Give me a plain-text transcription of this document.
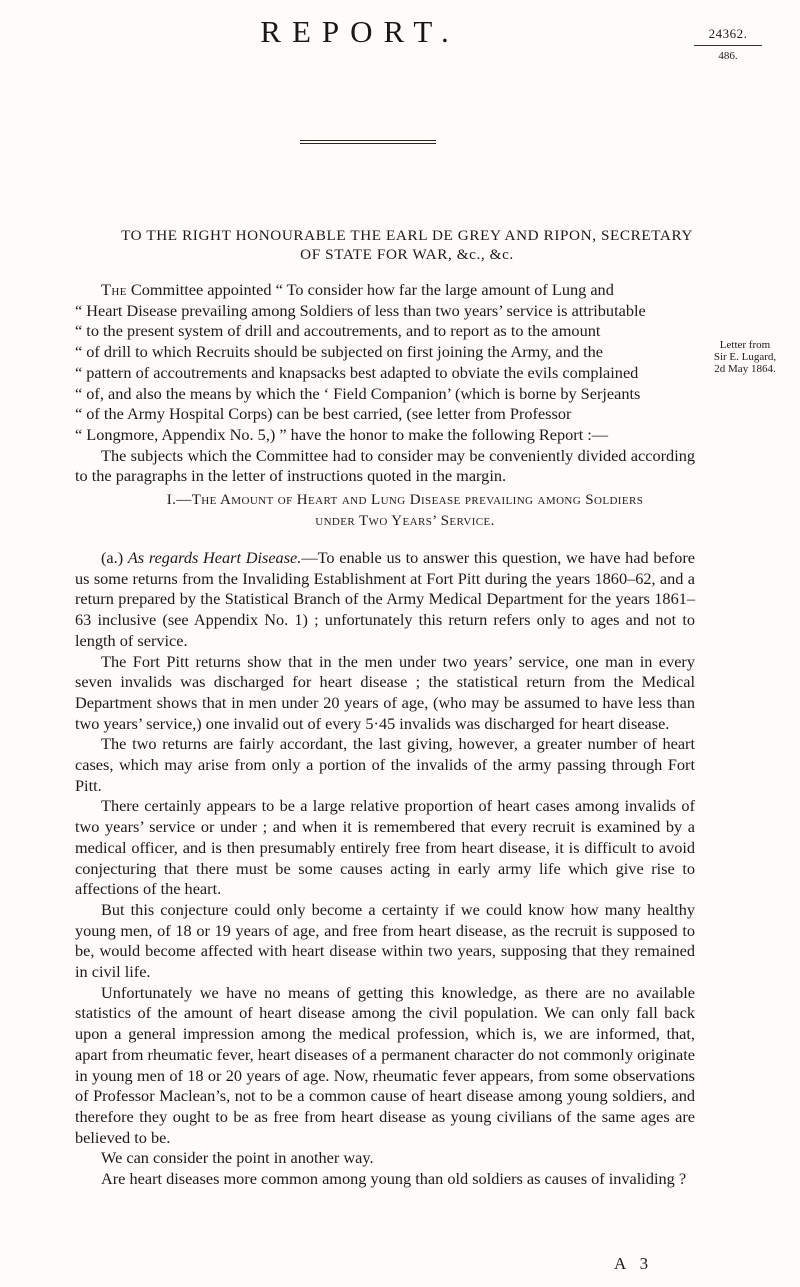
REPORT.	24362.
486.
TO THE RIGHT HONOURABLE THE EARL DE GREY AND RIPON, SECRETARY
OF STATE FOR WAR, &c., &c.

The Committee appointed “ To consider how far the large amount of Lung and

“ Heart Disease prevailing among Soldiers of less than two years’ service is attributable

“ to the present system of drill and accoutrements, and to report as to the amount

“ of drill to which Recruits should be subjected on first joining the Army, and the

“ pattern of accoutrements and knapsacks best adapted to obviate the evils complained

“ of, and also the means by which the ‘ Field Companion’ (which is borne by Serjeants

“ of the Army Hospital Corps) can be best carried, (see letter from Professor

“ Longmore, Appendix No. 5,) ” have the honor to make the following Report :—

The subjects which the Committee had to consider may be conveniently divided according to the paragraphs in the letter of instructions quoted in the margin.

Letter from
Sir E. Lugard,
2d May 1864.
I.—The Amount of Heart and Lung Disease prevailing among Soldiers
under Two Years’ Service.

(a.) As regards Heart Disease.—To enable us to answer this question, we have had before us some returns from the Invaliding Establishment at Fort Pitt during the years 1860–62, and a return prepared by the Statistical Branch of the Army Medical Department for the years 1861–63 inclusive (see Appendix No. 1) ; unfortunately this return refers only to ages and not to length of service.

The Fort Pitt returns show that in the men under two years’ service, one man in every seven invalids was discharged for heart disease ; the statistical return from the Medical Department shows that in men under 20 years of age, (who may be assumed to have less than two years’ service,) one invalid out of every 5·45 invalids was discharged for heart disease.

The two returns are fairly accordant, the last giving, however, a greater number of heart cases, which may arise from only a portion of the invalids of the army passing through Fort Pitt.

There certainly appears to be a large relative proportion of heart cases among invalids of two years’ service or under ; and when it is remembered that every recruit is examined by a medical officer, and is then presumably entirely free from heart disease, it is difficult to avoid conjecturing that there must be some causes acting in early army life which give rise to affections of the heart.

But this conjecture could only become a certainty if we could know how many healthy young men, of 18 or 19 years of age, and free from heart disease, as the recruit is supposed to be, would become affected with heart disease within two years, supposing that they remained in civil life.

Unfortunately we have no means of getting this knowledge, as there are no available statistics of the amount of heart disease among the civil population. We can only fall back upon a general impression among the medical profession, which is, we are informed, that, apart from rheumatic fever, heart diseases of a permanent character do not commonly originate in young men of 18 or 20 years of age. Now, rheumatic fever appears, from some observations of Professor Maclean’s, not to be a common cause of heart disease among young soldiers, and therefore they ought to be as free from heart disease as young civilians of the same ages are believed to be.

We can consider the point in another way.

Are heart diseases more common among young than old soldiers as causes of invaliding ?

A 3
